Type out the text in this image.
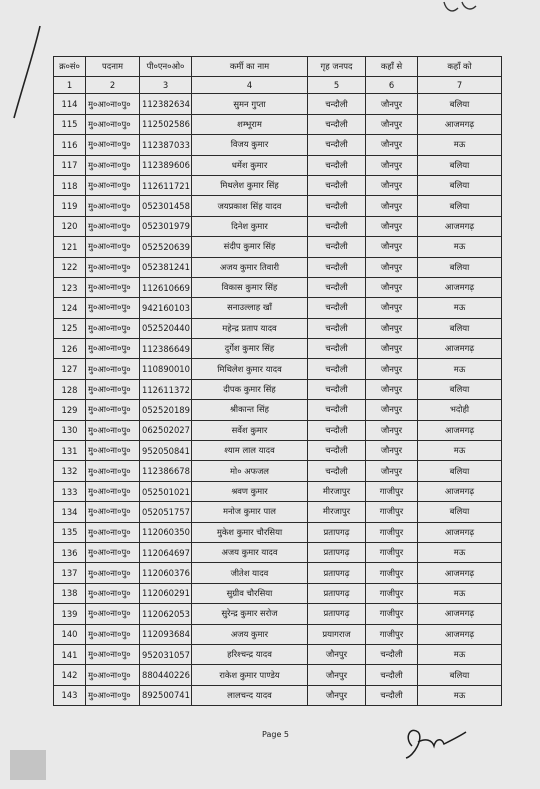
क्र०सं०	पदनाम	पी०एन०ओ०	कर्मी का नाम	गृह जनपद	कहाँ से	कहाँ को
1	2	3	4	5	6	7
114	मु०आ०ना०पु०	112382634	सुमन गुप्ता	चन्दौली	जौनपुर	बलिया
115	मु०आ०ना०पु०	112502586	शम्भूराम	चन्दौली	जौनपुर	आजमगढ़
116	मु०आ०ना०पु०	112387033	विजय कुमार	चन्दौली	जौनपुर	मऊ
117	मु०आ०ना०पु०	112389606	धर्मेश कुमार	चन्दौली	जौनपुर	बलिया
118	मु०आ०ना०पु०	112611721	मिथलेश कुमार सिंह	चन्दौली	जौनपुर	बलिया
119	मु०आ०ना०पु०	052301458	जयप्रकाश सिंह यादव	चन्दौली	जौनपुर	बलिया
120	मु०आ०ना०पु०	052301979	दिनेश कुमार	चन्दौली	जौनपुर	आजमगढ़
121	मु०आ०ना०पु०	052520639	संदीप कुमार सिंह	चन्दौली	जौनपुर	मऊ
122	मु०आ०ना०पु०	052381241	अजय कुमार तिवारी	चन्दौली	जौनपुर	बलिया
123	मु०आ०ना०पु०	112610669	विकास कुमार सिंह	चन्दौली	जौनपुर	आजमगढ़
124	मु०आ०ना०पु०	942160103	सनाउल्लाह खाँ	चन्दौली	जौनपुर	मऊ
125	मु०आ०ना०पु०	052520440	महेन्द्र प्रताप यादव	चन्दौली	जौनपुर	बलिया
126	मु०आ०ना०पु०	112386649	दुर्गेश कुमार सिंह	चन्दौली	जौनपुर	आजमगढ़
127	मु०आ०ना०पु०	110890010	मिथिलेश कुमार यादव	चन्दौली	जौनपुर	मऊ
128	मु०आ०ना०पु०	112611372	दीपक कुमार सिंह	चन्दौली	जौनपुर	बलिया
129	मु०आ०ना०पु०	052520189	श्रीकान्त सिंह	चन्दौली	जौनपुर	भदोही
130	मु०आ०ना०पु०	062502027	सर्वेश कुमार	चन्दौली	जौनपुर	आजमगढ़
131	मु०आ०ना०पु०	952050841	श्याम लाल यादव	चन्दौली	जौनपुर	मऊ
132	मु०आ०ना०पु०	112386678	मो० अफजल	चन्दौली	जौनपुर	बलिया
133	मु०आ०ना०पु०	052501021	श्रवण कुमार	मीरजापुर	गाजीपुर	आजमगढ़
134	मु०आ०ना०पु०	052051757	मनोज कुमार पाल	मीरजापुर	गाजीपुर	बलिया
135	मु०आ०ना०पु०	112060350	मुकेश कुमार चौरसिया	प्रतापगढ़	गाजीपुर	आजमगढ़
136	मु०आ०ना०पु०	112064697	अजय कुमार यादव	प्रतापगढ़	गाजीपुर	मऊ
137	मु०आ०ना०पु०	112060376	जीतेश यादव	प्रतापगढ़	गाजीपुर	आजमगढ़
138	मु०आ०ना०पु०	112060291	सुग्रीव चौरसिया	प्रतापगढ़	गाजीपुर	मऊ
139	मु०आ०ना०पु०	112062053	सुरेन्द्र कुमार सरोज	प्रतापगढ़	गाजीपुर	आजमगढ़
140	मु०आ०ना०पु०	112093684	अजय कुमार	प्रयागराज	गाजीपुर	आजमगढ़
141	मु०आ०ना०पु०	952031057	हरिश्चन्द्र यादव	जौनपुर	चन्दौली	मऊ
142	मु०आ०ना०पु०	880440226	राकेश कुमार पाण्डेय	जौनपुर	चन्दौली	बलिया
143	मु०आ०ना०पु०	892500741	लालचन्द यादव	जौनपुर	चन्दौली	मऊ
Page 5
